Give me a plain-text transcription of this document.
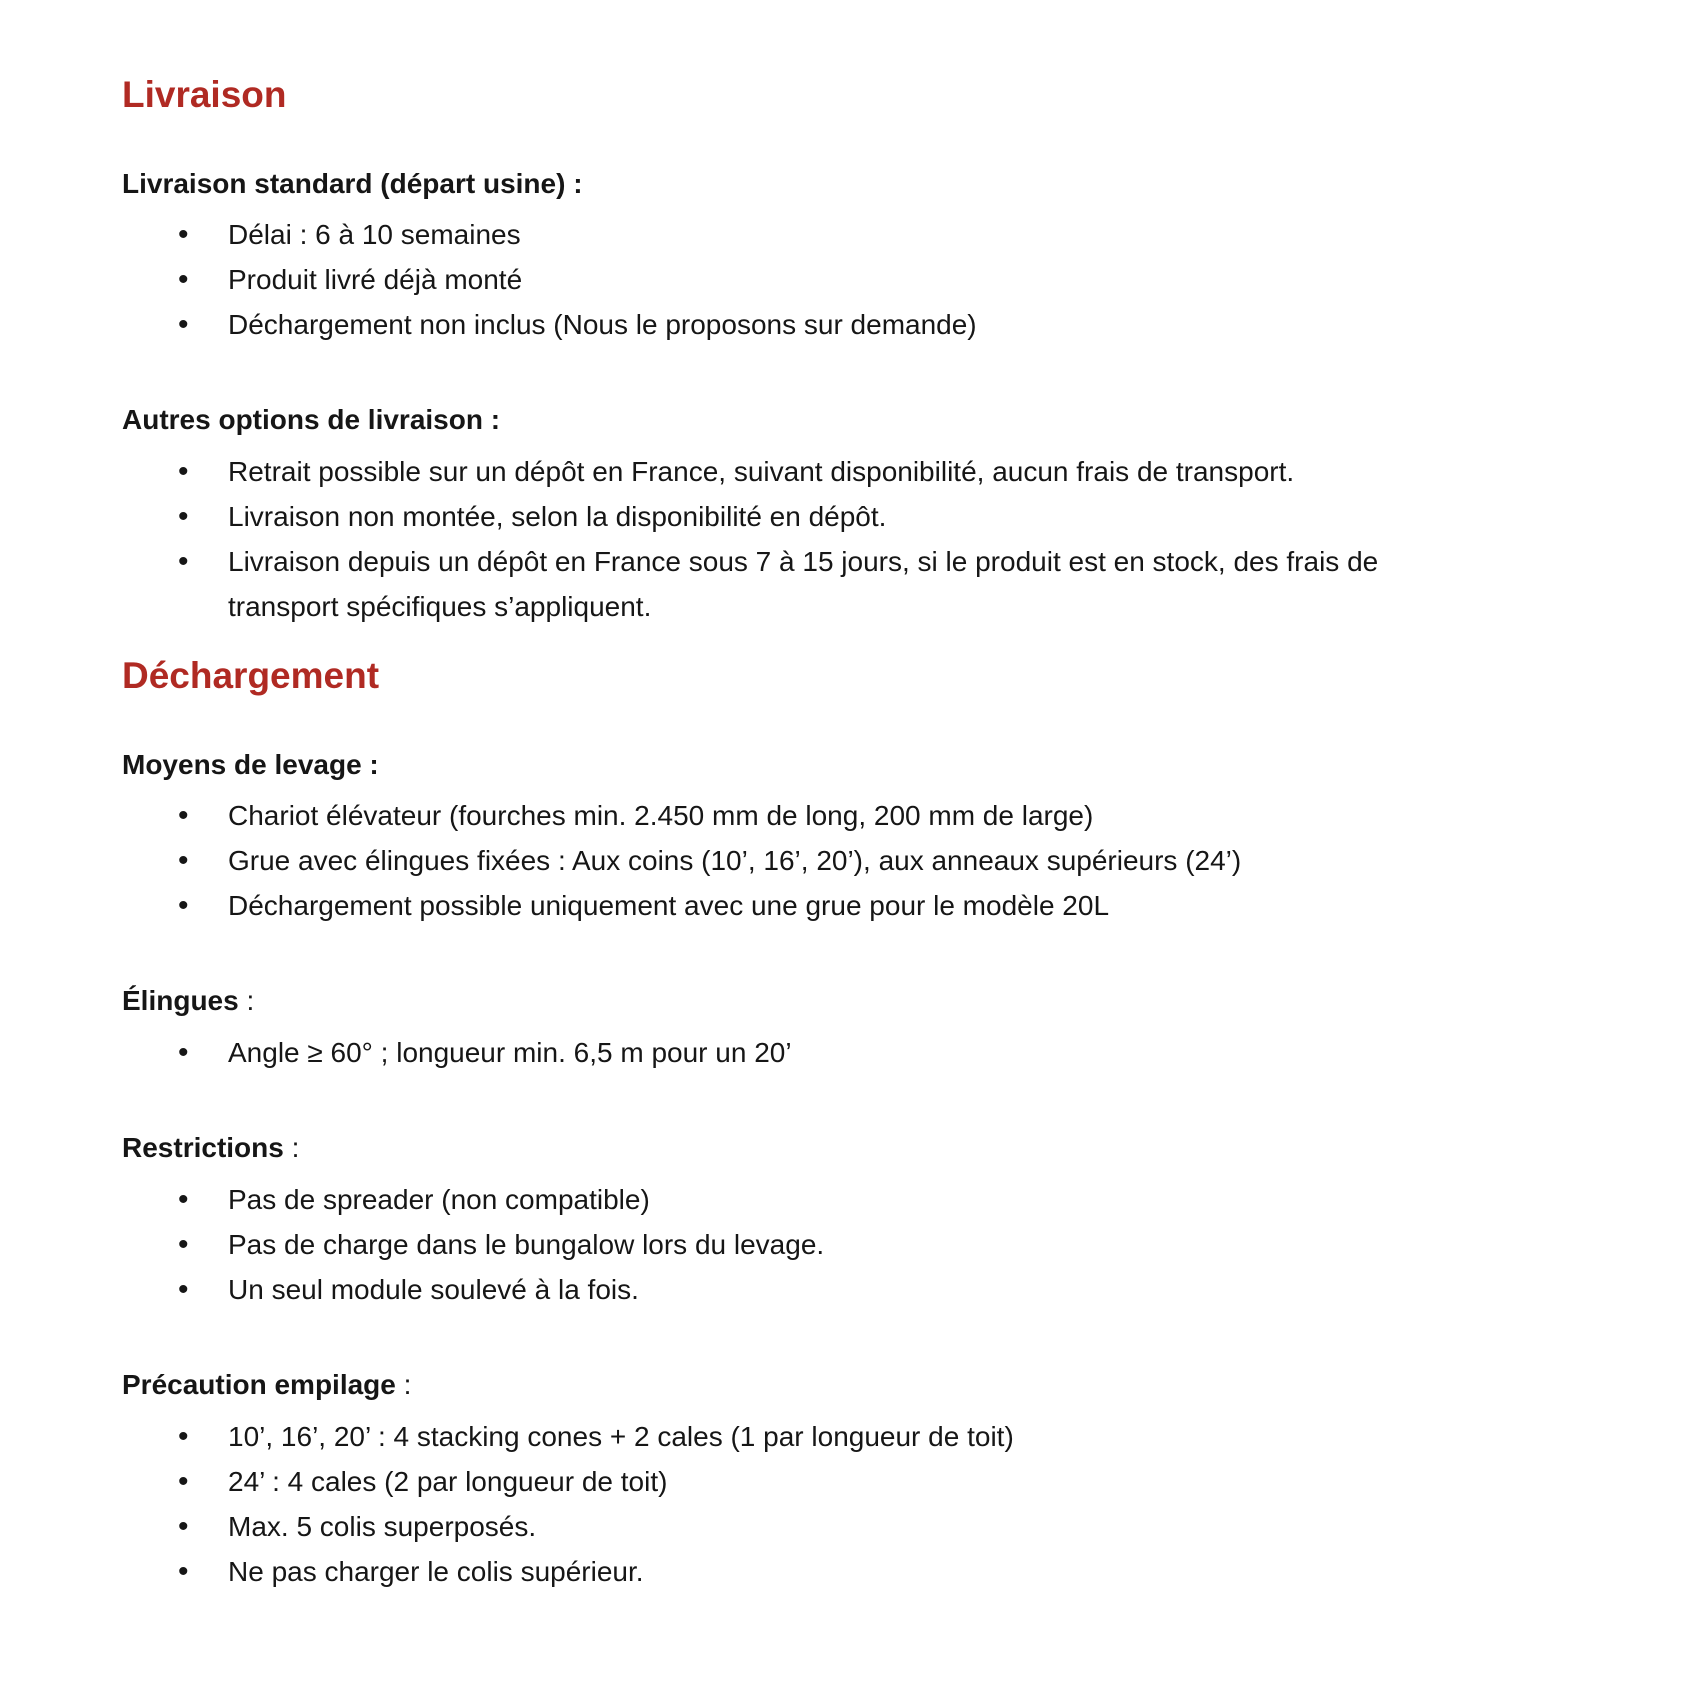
Livraison

Livraison standard (départ usine) :

• Délai : 6 à 10 semaines
• Produit livré déjà monté
• Déchargement non inclus (Nous le proposons sur demande)

Autres options de livraison :

• Retrait possible sur un dépôt en France, suivant disponibilité, aucun frais de transport.
• Livraison non montée, selon la disponibilité en dépôt.
• Livraison depuis un dépôt en France sous 7 à 15 jours, si le produit est en stock, des frais de transport spécifiques s’appliquent.
Déchargement

Moyens de levage :

• Chariot élévateur (fourches min. 2.450 mm de long, 200 mm de large)
• Grue avec élingues fixées : Aux coins (10’, 16’, 20’), aux anneaux supérieurs (24’)
• Déchargement possible uniquement avec une grue pour le modèle 20L

Élingues :

• Angle ≥ 60° ; longueur min. 6,5 m pour un 20’

Restrictions :

• Pas de spreader (non compatible)
• Pas de charge dans le bungalow lors du levage.
• Un seul module soulevé à la fois.

Précaution empilage :

• 10’, 16’, 20’ : 4 stacking cones + 2 cales (1 par longueur de toit)
• 24’ : 4 cales (2 par longueur de toit)
• Max. 5 colis superposés.
• Ne pas charger le colis supérieur.
